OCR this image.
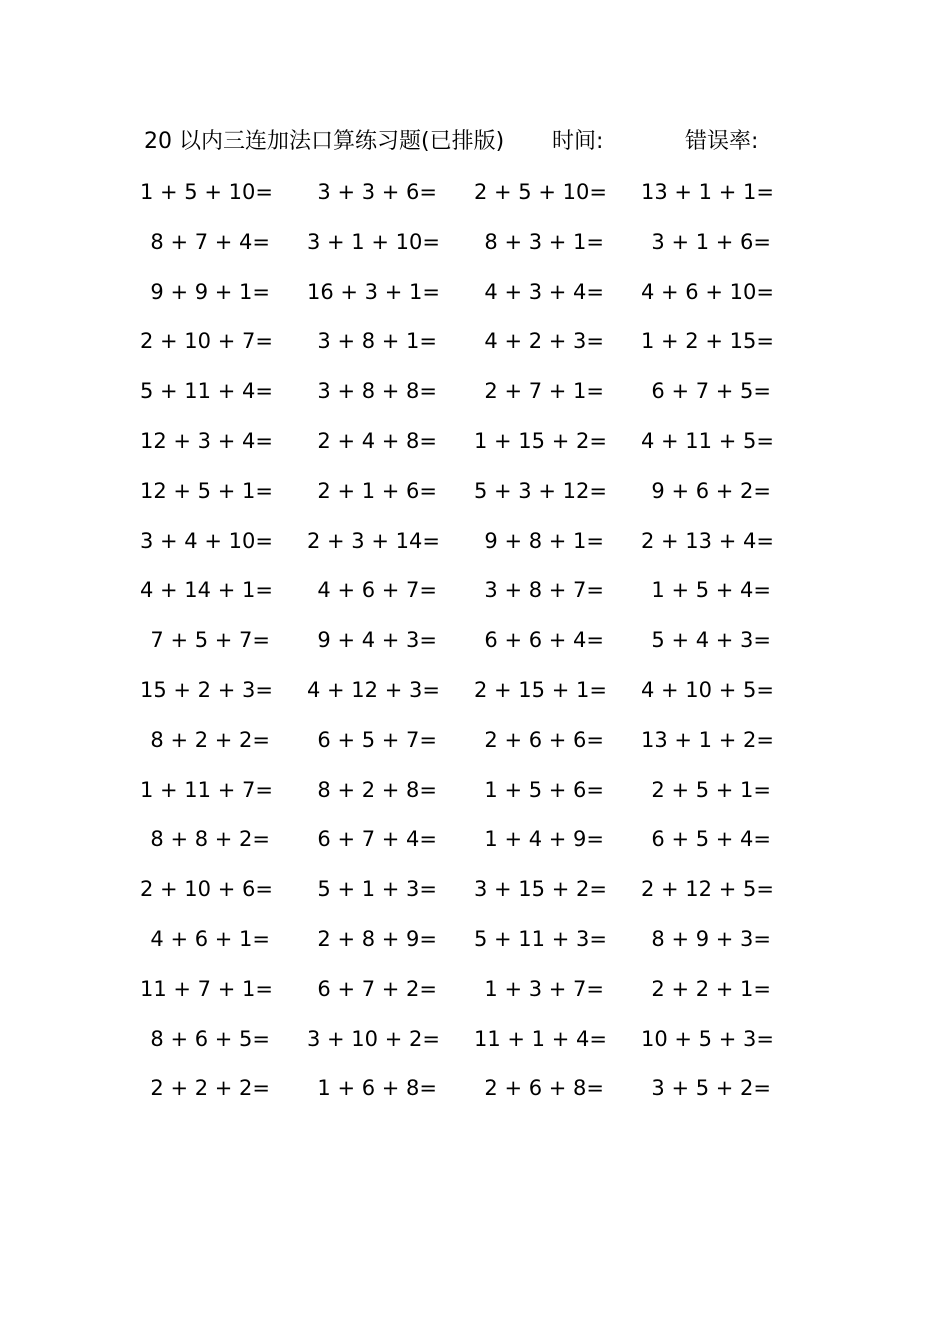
20 以内三连加法口算练习题(已排版) 时间:	错误率:
1 + 5 + 10=	3 + 3 + 6= 2 + 5 + 10= 13 + 1 + 1=
8 + 7 + 4= 3 + 1 + 10=	8 + 3 + 1=	3 + 1 + 6=
9 + 9 + 1= 16 + 3 + 1=	4 + 3 + 4= 4 + 6 + 10=
2 + 10 + 7=	3 + 8 + 1=	4 + 2 + 3= 1 + 2 + 15=
5 + 11 + 4=	3 + 8 + 8=	2 + 7 + 1=	6 + 7 + 5=
12 + 3 + 4=	2 + 4 + 8= 1 + 15 + 2= 4 + 11 + 5=
12 + 5 + 1=	2 + 1 + 6= 5 + 3 + 12=	9 + 6 + 2=
3 + 4 + 10= 2 + 3 + 14=	9 + 8 + 1= 2 + 13 + 4=
4 + 14 + 1=	4 + 6 + 7=	3 + 8 + 7=	1 + 5 + 4=
7 + 5 + 7=	9 + 4 + 3=	6 + 6 + 4=	5 + 4 + 3=
15 + 2 + 3= 4 + 12 + 3= 2 + 15 + 1= 4 + 10 + 5=
8 + 2 + 2=	6 + 5 + 7=	2 + 6 + 6= 13 + 1 + 2=
1 + 11 + 7=	8 + 2 + 8=	1 + 5 + 6=	2 + 5 + 1=
8 + 8 + 2=	6 + 7 + 4=	1 + 4 + 9=	6 + 5 + 4=
2 + 10 + 6=	5 + 1 + 3= 3 + 15 + 2= 2 + 12 + 5=
4 + 6 + 1=	2 + 8 + 9= 5 + 11 + 3=	8 + 9 + 3=
11 + 7 + 1=	6 + 7 + 2=	1 + 3 + 7=	2 + 2 + 1=
8 + 6 + 5= 3 + 10 + 2= 11 + 1 + 4= 10 + 5 + 3=
2 + 2 + 2=	1 + 6 + 8=	2 + 6 + 8=	3 + 5 + 2=
